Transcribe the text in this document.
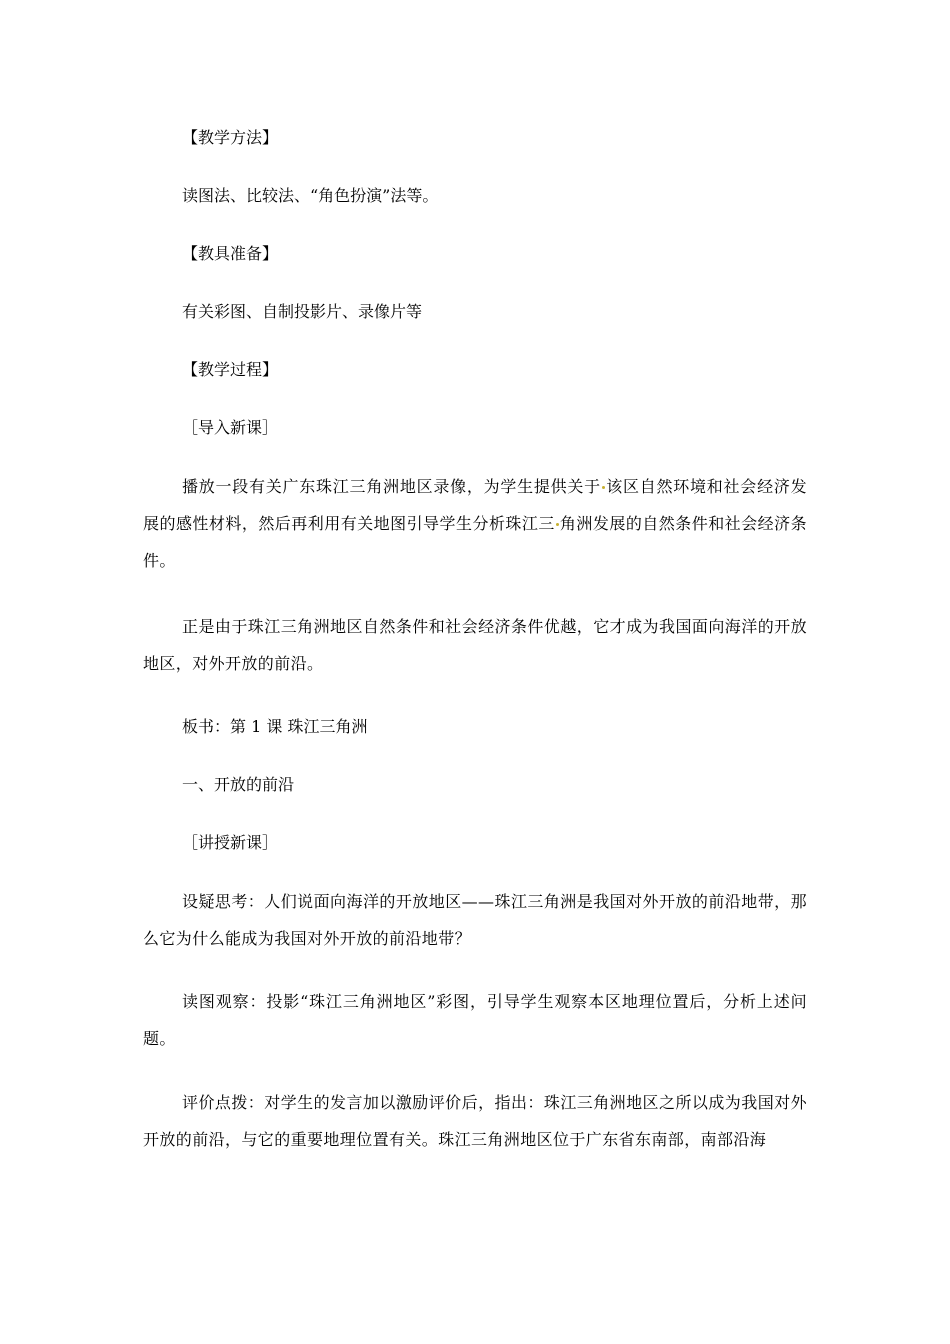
【教学方法】
读图法、比较法、“角色扮演”法等。
【教具准备】
有关彩图、自制投影片、录像片等
【教学过程】
［导入新课］
播放一段有关广东珠江三角洲地区录像，为学生提供关于 该区自然环境和社会经济发展的感性材料，然后再利用有关地图引导学生分析珠江三 角洲发展的自然条件和社会经济条件。
正是由于珠江三角洲地区自然条件和社会经济条件优越，它才成为我国面向海洋的开放地区，对外开放的前沿。
板书：第 1 课 珠江三角洲
一、开放的前沿
［讲授新课］
设疑思考：人们说面向海洋的开放地区——珠江三角洲是我国对外开放的前沿地带，那么它为什么能成为我国对外开放的前沿地带？
读图观察：投影“珠江三角洲地区”彩图，引导学生观察本区地理位置后，分析上述问题。
评价点拨：对学生的发言加以激励评价后，指出：珠江三角洲地区之所以成为我国对外开放的前沿，与它的重要地理位置有关。珠江三角洲地区位于广东省东南部，南部沿海
